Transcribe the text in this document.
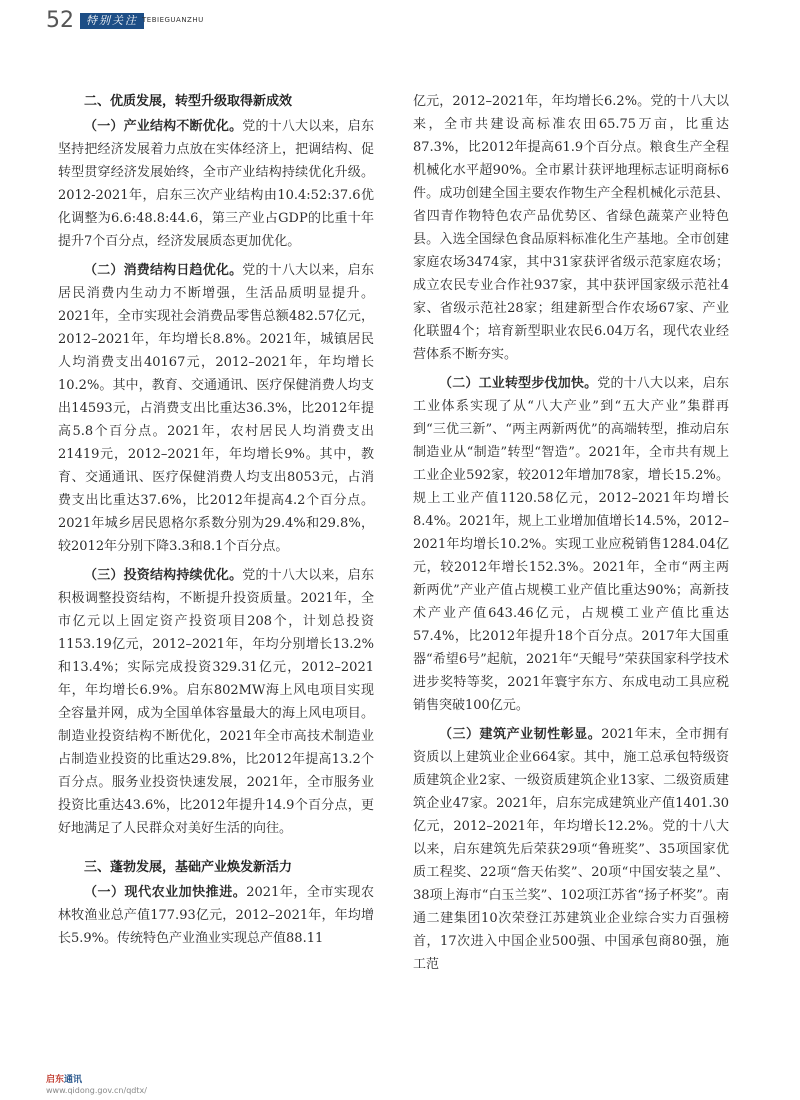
52	特别关注 TEBIEGUANZHU
二、优质发展，转型升级取得新成效

（一）产业结构不断优化。党的十八大以来，启东坚持把经济发展着力点放在实体经济上，把调结构、促转型贯穿经济发展始终，全市产业结构持续优化升级。2012-2021年，启东三次产业结构由10.4:52:37.6优化调整为6.6:48.8:44.6，第三产业占GDP的比重十年提升7个百分点，经济发展质态更加优化。

（二）消费结构日趋优化。党的十八大以来，启东居民消费内生动力不断增强，生活品质明显提升。2021年，全市实现社会消费品零售总额482.57亿元，2012–2021年，年均增长8.8%。2021年，城镇居民人均消费支出40167元，2012–2021年，年均增长10.2%。其中，教育、交通通讯、医疗保健消费人均支出14593元，占消费支出比重达36.3%，比2012年提高5.8个百分点。2021年，农村居民人均消费支出21419元，2012–2021年，年均增长9%。其中，教育、交通通讯、医疗保健消费人均支出8053元，占消费支出比重达37.6%，比2012年提高4.2个百分点。2021年城乡居民恩格尔系数分别为29.4%和29.8%，较2012年分别下降3.3和8.1个百分点。

（三）投资结构持续优化。党的十八大以来，启东积极调整投资结构，不断提升投资质量。2021年，全市亿元以上固定资产投资项目208个，计划总投资1153.19亿元，2012–2021年，年均分别增长13.2%和13.4%；实际完成投资329.31亿元，2012–2021年，年均增长6.9%。启东802MW海上风电项目实现全容量并网，成为全国单体容量最大的海上风电项目。制造业投资结构不断优化，2021年全市高技术制造业占制造业投资的比重达29.8%，比2012年提高13.2个百分点。服务业投资快速发展，2021年，全市服务业投资比重达43.6%，比2012年提升14.9个百分点，更好地满足了人民群众对美好生活的向往。

三、蓬勃发展，基础产业焕发新活力

（一）现代农业加快推进。2021年，全市实现农林牧渔业总产值177.93亿元，2012–2021年，年均增长5.9%。传统特色产业渔业实现总产值88.11

亿元，2012–2021年，年均增长6.2%。党的十八大以来，全市共建设高标准农田65.75万亩，比重达87.3%，比2012年提高61.9个百分点。粮食生产全程机械化水平超90%。全市累计获评地理标志证明商标6件。成功创建全国主要农作物生产全程机械化示范县、省四青作物特色农产品优势区、省绿色蔬菜产业特色县。入选全国绿色食品原料标准化生产基地。全市创建家庭农场3474家，其中31家获评省级示范家庭农场；成立农民专业合作社937家，其中获评国家级示范社4家、省级示范社28家；组建新型合作农场67家、产业化联盟4个；培育新型职业农民6.04万名，现代农业经营体系不断夯实。

（二）工业转型步伐加快。党的十八大以来，启东工业体系实现了从“八大产业”到“五大产业”集群再到“三优三新”、“两主两新两优”的高端转型，推动启东制造业从“制造”转型“智造”。2021年，全市共有规上工业企业592家，较2012年增加78家，增长15.2%。规上工业产值1120.58亿元，2012–2021年均增长8.4%。2021年，规上工业增加值增长14.5%，2012–2021年均增长10.2%。实现工业应税销售1284.04亿元，较2012年增长152.3%。2021年，全市“两主两新两优”产业产值占规模工业产值比重达90%；高新技术产业产值643.46亿元，占规模工业产值比重达57.4%，比2012年提升18个百分点。2017年大国重器“希望6号”起航，2021年“天鲲号”荣获国家科学技术进步奖特等奖，2021年寰宇东方、东成电动工具应税销售突破100亿元。

（三）建筑产业韧性彰显。2021年末，全市拥有资质以上建筑业企业664家。其中，施工总承包特级资质建筑企业2家、一级资质建筑企业13家、二级资质建筑企业47家。2021年，启东完成建筑业产值1401.30亿元，2012–2021年，年均增长12.2%。党的十八大以来，启东建筑先后荣获29项“鲁班奖”、35项国家优质工程奖、22项“詹天佑奖”、20项“中国安装之星”、38项上海市“白玉兰奖”、102项江苏省“扬子杯奖”。南通二建集团10次荣登江苏建筑业企业综合实力百强榜首，17次进入中国企业500强、中国承包商80强，施工范

启东通讯
www.qidong.gov.cn/qdtx/
